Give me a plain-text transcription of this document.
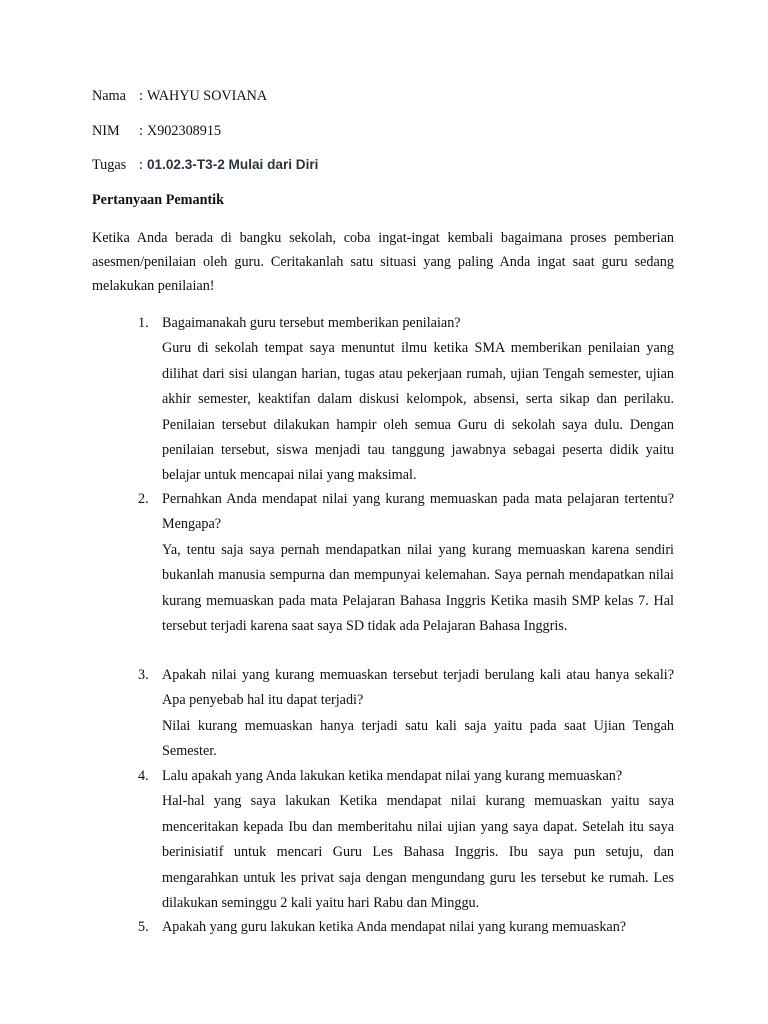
Nama : WAHYU SOVIANA
NIM : X902308915
Tugas : 01.02.3-T3-2 Mulai dari Diri
Pertanyaan Pemantik
Ketika Anda berada di bangku sekolah, coba ingat-ingat kembali bagaimana proses pemberian asesmen/penilaian oleh guru. Ceritakanlah satu situasi yang paling Anda ingat saat guru sedang melakukan penilaian!
1. Bagaimanakah guru tersebut memberikan penilaian?
Guru di sekolah tempat saya menuntut ilmu ketika SMA memberikan penilaian yang dilihat dari sisi ulangan harian, tugas atau pekerjaan rumah, ujian Tengah semester, ujian akhir semester, keaktifan dalam diskusi kelompok, absensi, serta sikap dan perilaku. Penilaian tersebut dilakukan hampir oleh semua Guru di sekolah saya dulu. Dengan penilaian tersebut, siswa menjadi tau tanggung jawabnya sebagai peserta didik yaitu belajar untuk mencapai nilai yang maksimal.
2. Pernahkan Anda mendapat nilai yang kurang memuaskan pada mata pelajaran tertentu? Mengapa?
Ya, tentu saja saya pernah mendapatkan nilai yang kurang memuaskan karena sendiri bukanlah manusia sempurna dan mempunyai kelemahan. Saya pernah mendapatkan nilai kurang memuaskan pada mata Pelajaran Bahasa Inggris Ketika masih SMP kelas 7. Hal tersebut terjadi karena saat saya SD tidak ada Pelajaran Bahasa Inggris.
3. Apakah nilai yang kurang memuaskan tersebut terjadi berulang kali atau hanya sekali? Apa penyebab hal itu dapat terjadi?
Nilai kurang memuaskan hanya terjadi satu kali saja yaitu pada saat Ujian Tengah Semester.
4. Lalu apakah yang Anda lakukan ketika mendapat nilai yang kurang memuaskan?
Hal-hal yang saya lakukan Ketika mendapat nilai kurang memuaskan yaitu saya menceritakan kepada Ibu dan memberitahu nilai ujian yang saya dapat. Setelah itu saya berinisiatif untuk mencari Guru Les Bahasa Inggris. Ibu saya pun setuju, dan mengarahkan untuk les privat saja dengan mengundang guru les tersebut ke rumah. Les dilakukan seminggu 2 kali yaitu hari Rabu dan Minggu.
5. Apakah yang guru lakukan ketika Anda mendapat nilai yang kurang memuaskan?
